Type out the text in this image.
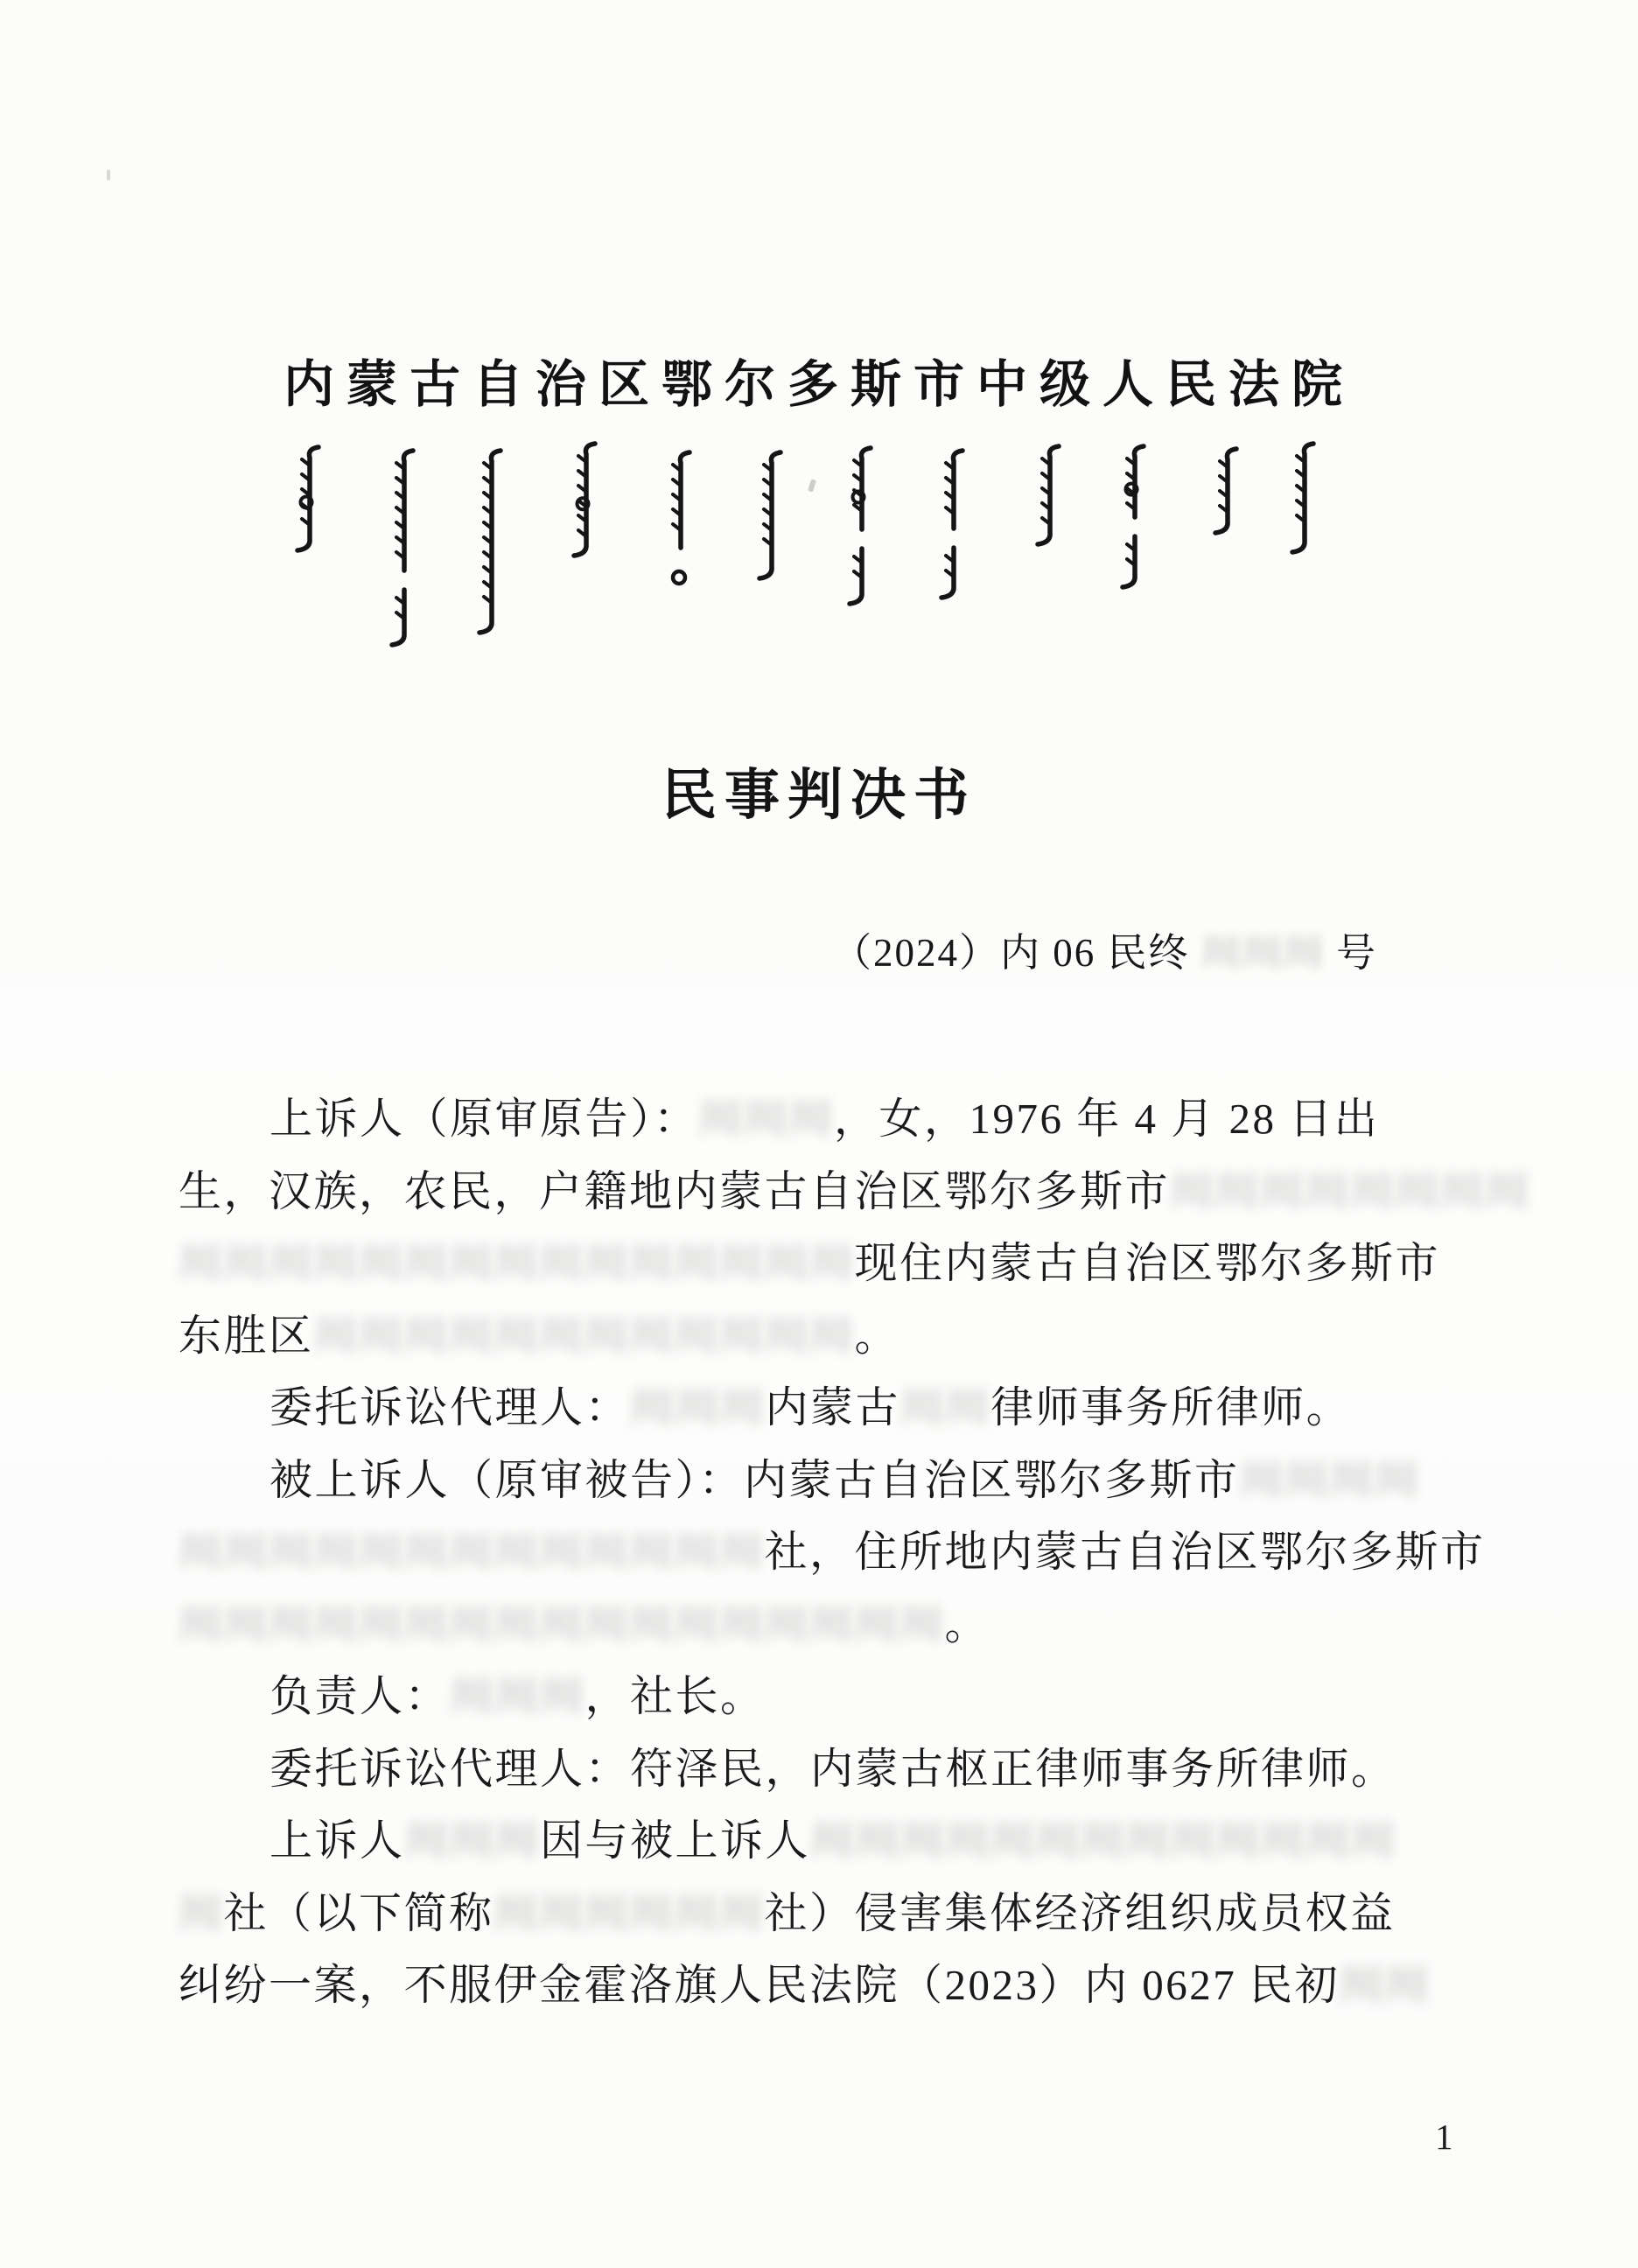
内蒙古自治区鄂尔多斯市中级人民法院
民事判决书
（2024）内 06 民终 川川川 号
上诉人（原审原告）：川川川，女，1976 年 4 月 28 日出
生，汉族，农民，户籍地内蒙古自治区鄂尔多斯市川川川川川川川川
川川川川川川川川川川川川川川川现住内蒙古自治区鄂尔多斯市
东胜区川川川川川川川川川川川川。
委托诉讼代理人：川川川内蒙古川川律师事务所律师。
被上诉人（原审被告）：内蒙古自治区鄂尔多斯市川川川川
川川川川川川川川川川川川川社，住所地内蒙古自治区鄂尔多斯市
川川川川川川川川川川川川川川川川川。
负责人：川川川，社长。
委托诉讼代理人：符泽民，内蒙古枢正律师事务所律师。
上诉人川川川因与被上诉人川川川川川川川川川川川川川
川社（以下简称川川川川川川社）侵害集体经济组织成员权益
纠纷一案，不服伊金霍洛旗人民法院（2023）内 0627 民初川川
1
